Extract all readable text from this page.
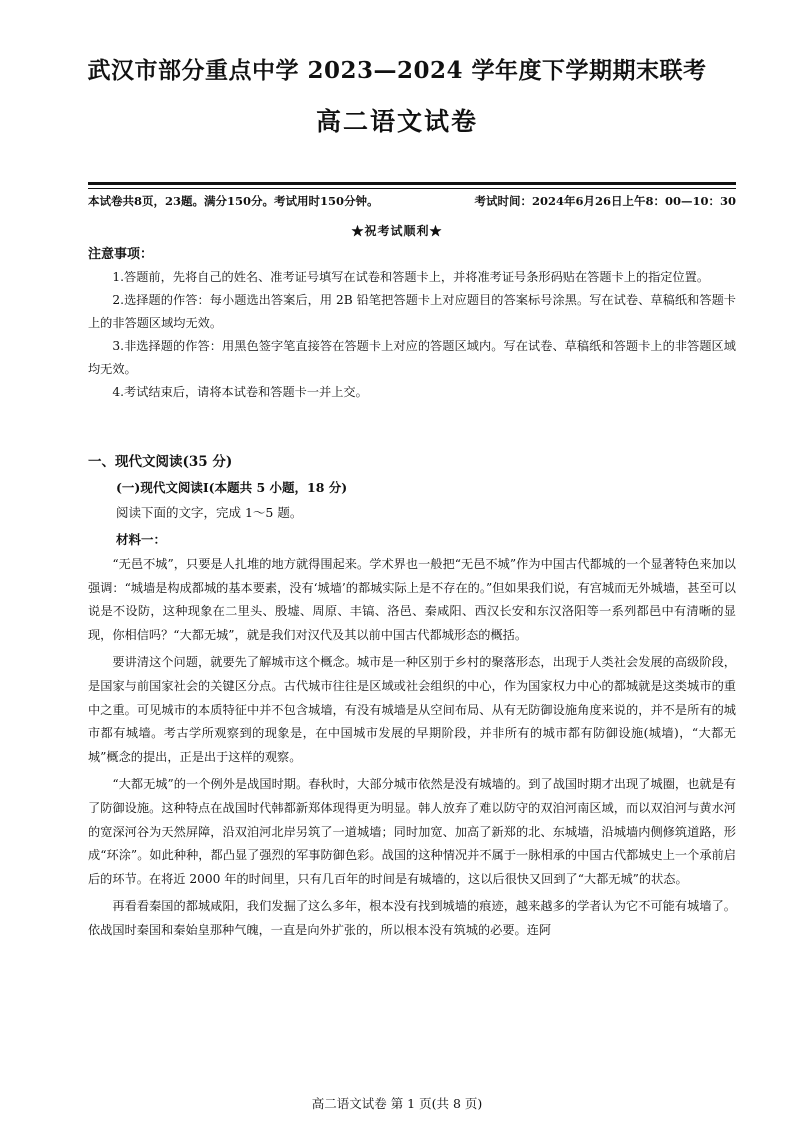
武汉市部分重点中学 2023—2024 学年度下学期期末联考
高二语文试卷
本试卷共8页，23题。满分150分。考试用时150分钟。	考试时间：2024年6月26日上午8：00—10：30
★祝考试顺利★
注意事项：

1.答题前，先将自己的姓名、准考证号填写在试卷和答题卡上，并将准考证号条形码贴在答题卡上的指定位置。

2.选择题的作答：每小题选出答案后，用 2B 铅笔把答题卡上对应题目的答案标号涂黑。写在试卷、草稿纸和答题卡上的非答题区域均无效。

3.非选择题的作答：用黑色签字笔直接答在答题卡上对应的答题区域内。写在试卷、草稿纸和答题卡上的非答题区域均无效。

4.考试结束后，请将本试卷和答题卡一并上交。

一、现代文阅读(35 分)
(一)现代文阅读Ⅰ(本题共 5 小题，18 分)
阅读下面的文字，完成 1～5 题。
材料一：

“无邑不城”，只要是人扎堆的地方就得围起来。学术界也一般把“无邑不城”作为中国古代都城的一个显著特色来加以强调：“城墙是构成都城的基本要素，没有‘城墙’的都城实际上是不存在的。”但如果我们说，有宫城而无外城墙，甚至可以说是不设防，这种现象在二里头、殷墟、周原、丰镐、洛邑、秦咸阳、西汉长安和东汉洛阳等一系列都邑中有清晰的显现，你相信吗？“大都无城”，就是我们对汉代及其以前中国古代都城形态的概括。

要讲清这个问题，就要先了解城市这个概念。城市是一种区别于乡村的聚落形态，出现于人类社会发展的高级阶段，是国家与前国家社会的关键区分点。古代城市往往是区域或社会组织的中心，作为国家权力中心的都城就是这类城市的重中之重。可见城市的本质特征中并不包含城墙，有没有城墙是从空间布局、从有无防御设施角度来说的，并不是所有的城市都有城墙。考古学所观察到的现象是，在中国城市发展的早期阶段，并非所有的城市都有防御设施(城墙)，“大都无城”概念的提出，正是出于这样的观察。

“大都无城”的一个例外是战国时期。春秋时，大部分城市依然是没有城墙的。到了战国时期才出现了城圈，也就是有了防御设施。这种特点在战国时代韩都新郑体现得更为明显。韩人放弃了难以防守的双洎河南区域，而以双洎河与黄水河的宽深河谷为天然屏障，沿双洎河北岸另筑了一道城墙；同时加宽、加高了新郑的北、东城墙，沿城墙内侧修筑道路，形成“环涂”。如此种种，都凸显了强烈的军事防御色彩。战国的这种情况并不属于一脉相承的中国古代都城史上一个承前启后的环节。在将近 2000 年的时间里，只有几百年的时间是有城墙的，这以后很快又回到了“大都无城”的状态。

再看看秦国的都城咸阳，我们发掘了这么多年，根本没有找到城墙的痕迹，越来越多的学者认为它不可能有城墙了。依战国时秦国和秦始皇那种气魄，一直是向外扩张的，所以根本没有筑城的必要。连阿

高二语文试卷 第 1 页(共 8 页)
